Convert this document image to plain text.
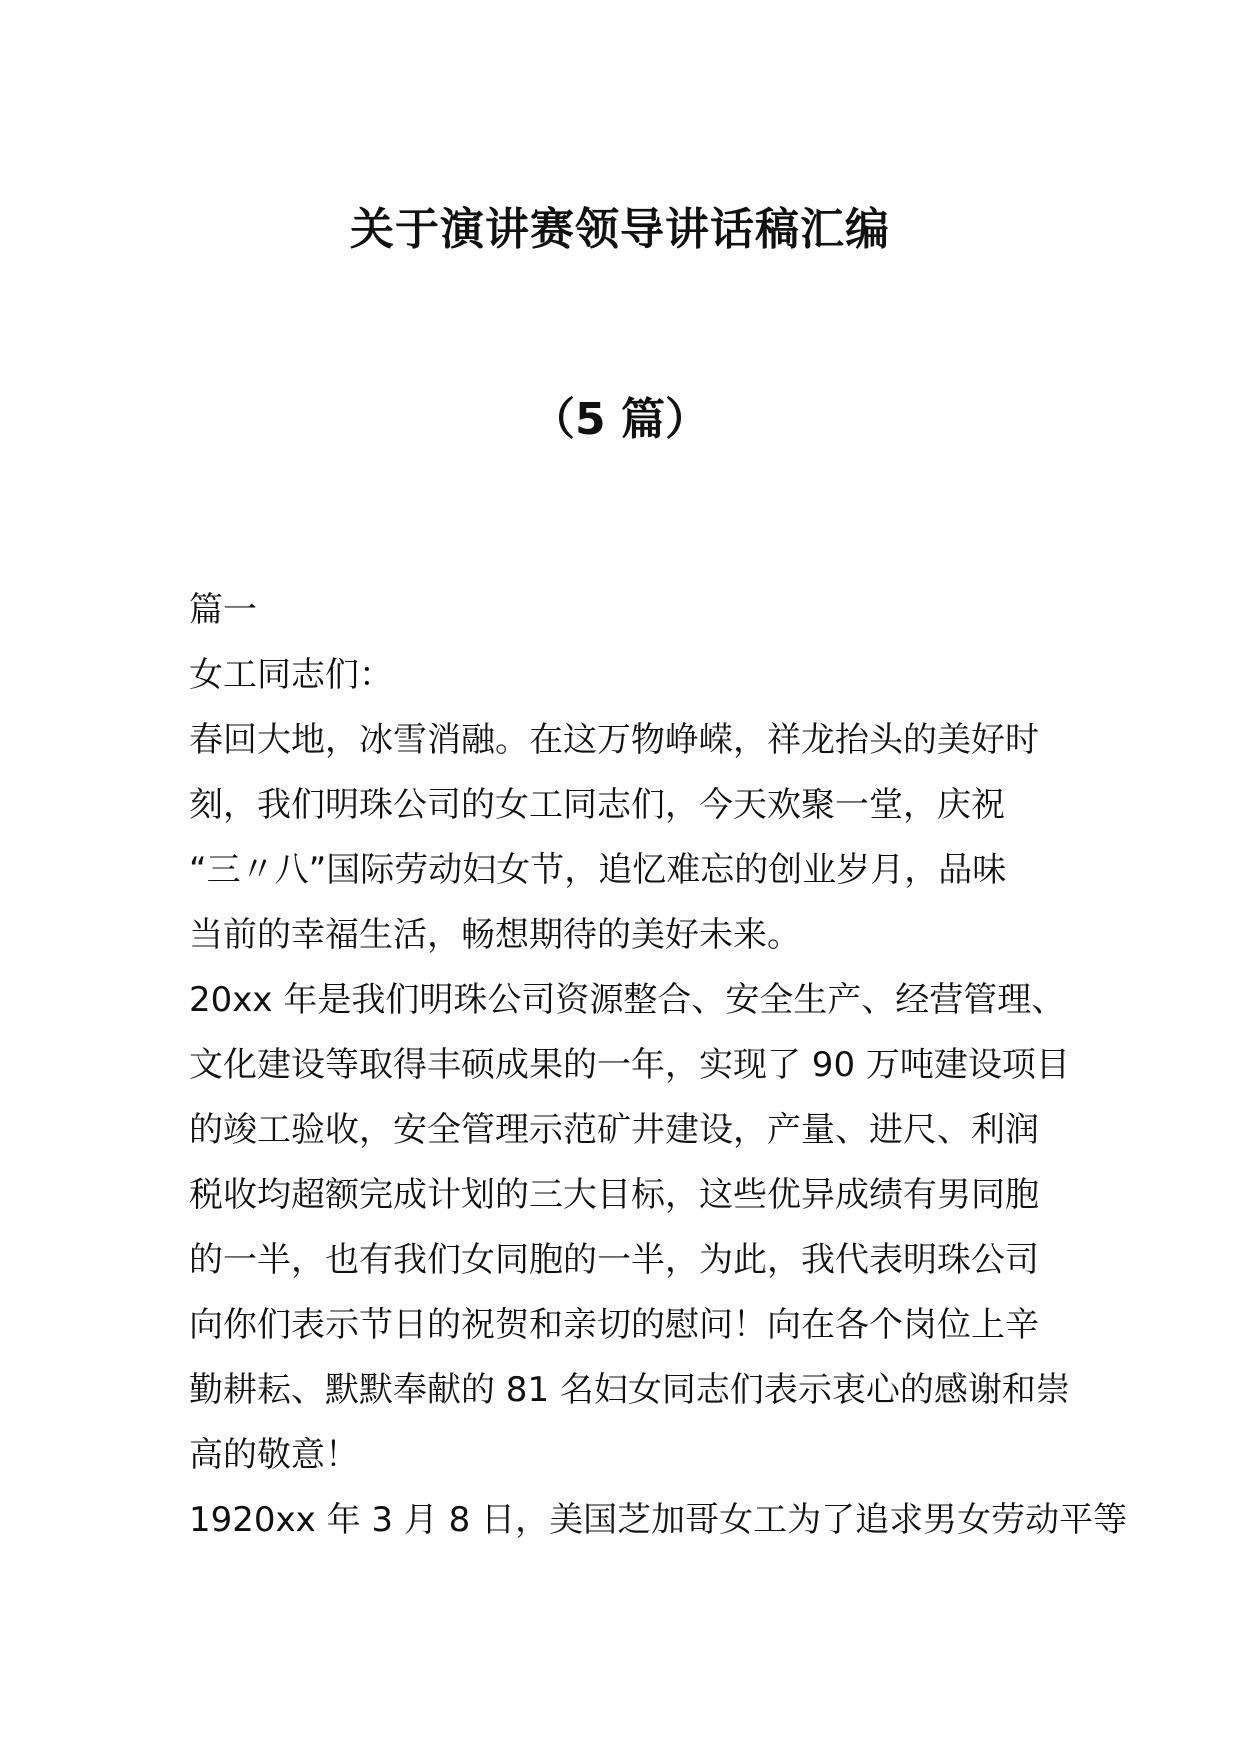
关于演讲赛领导讲话稿汇编
（5 篇）
篇一
女工同志们：
春回大地，冰雪消融。在这万物峥嵘，祥龙抬头的美好时
刻，我们明珠公司的女工同志们，今天欢聚一堂，庆祝
“三〃八”国际劳动妇女节，追忆难忘的创业岁月，品味
当前的幸福生活，畅想期待的美好未来。
20xx 年是我们明珠公司资源整合、安全生产、经营管理、
文化建设等取得丰硕成果的一年，实现了 90 万吨建设项目
的竣工验收，安全管理示范矿井建设，产量、进尺、利润
税收均超额完成计划的三大目标，这些优异成绩有男同胞
的一半，也有我们女同胞的一半，为此，我代表明珠公司
向你们表示节日的祝贺和亲切的慰问！向在各个岗位上辛
勤耕耘、默默奉献的 81 名妇女同志们表示衷心的感谢和崇
高的敬意！
1920xx 年 3 月 8 日，美国芝加哥女工为了追求男女劳动平等
